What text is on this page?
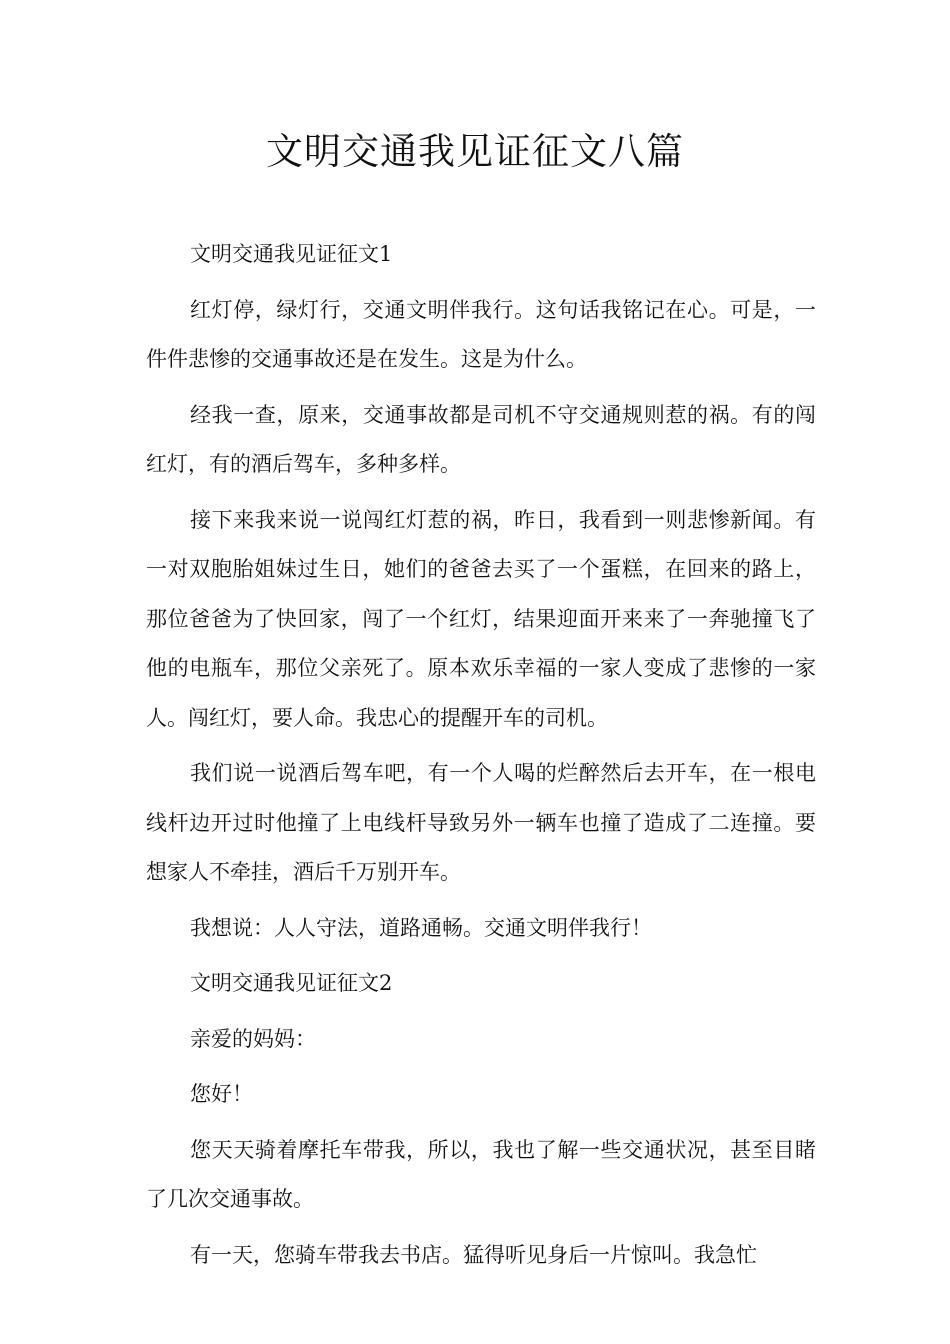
文明交通我见证征文八篇

文明交通我见证征文1

红灯停，绿灯行，交通文明伴我行。这句话我铭记在心。可是，一件件悲惨的交通事故还是在发生。这是为什么。

经我一查，原来，交通事故都是司机不守交通规则惹的祸。有的闯红灯，有的酒后驾车，多种多样。

接下来我来说一说闯红灯惹的祸，昨日，我看到一则悲惨新闻。有一对双胞胎姐妹过生日，她们的爸爸去买了一个蛋糕，在回来的路上，那位爸爸为了快回家，闯了一个红灯，结果迎面开来来了一奔驰撞飞了他的电瓶车，那位父亲死了。原本欢乐幸福的一家人变成了悲惨的一家人。闯红灯，要人命。我忠心的提醒开车的司机。

我们说一说酒后驾车吧，有一个人喝的烂醉然后去开车，在一根电线杆边开过时他撞了上电线杆导致另外一辆车也撞了造成了二连撞。要想家人不牵挂，酒后千万别开车。

我想说：人人守法，道路通畅。交通文明伴我行！

文明交通我见证征文2

亲爱的妈妈：

您好！

您天天骑着摩托车带我，所以，我也了解一些交通状况，甚至目睹了几次交通事故。

有一天，您骑车带我去书店。猛得听见身后一片惊叫。我急忙
